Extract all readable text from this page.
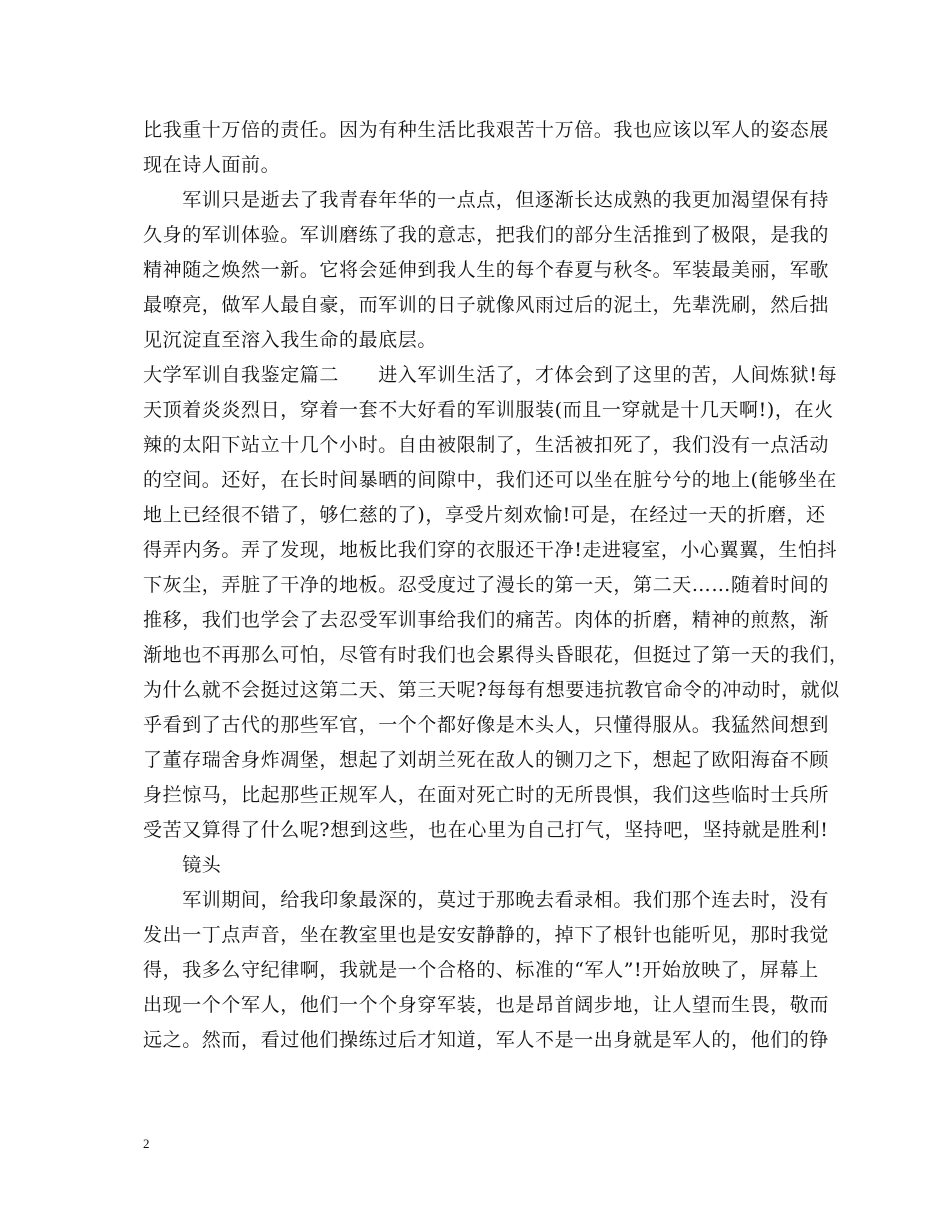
比我重十万倍的责任。因为有种生活比我艰苦十万倍。我也应该以军人的姿态展
现在诗人面前。
　　军训只是逝去了我青春年华的一点点，但逐渐长达成熟的我更加渴望保有持
久身的军训体验。军训磨练了我的意志，把我们的部分生活推到了极限，是我的
精神随之焕然一新。它将会延伸到我人生的每个春夏与秋冬。军装最美丽，军歌
最嘹亮，做军人最自豪，而军训的日子就像风雨过后的泥土，先辈洗刷，然后拙
见沉淀直至溶入我生命的最底层。
大学军训自我鉴定篇二　　进入军训生活了，才体会到了这里的苦，人间炼狱!每
天顶着炎炎烈日，穿着一套不大好看的军训服装(而且一穿就是十几天啊!)，在火
辣的太阳下站立十几个小时。自由被限制了，生活被扣死了，我们没有一点活动
的空间。还好，在长时间暴晒的间隙中，我们还可以坐在脏兮兮的地上(能够坐在
地上已经很不错了，够仁慈的了)，享受片刻欢愉!可是，在经过一天的折磨，还
得弄内务。弄了发现，地板比我们穿的衣服还干净!走进寝室，小心翼翼，生怕抖
下灰尘，弄脏了干净的地板。忍受度过了漫长的第一天，第二天……随着时间的
推移，我们也学会了去忍受军训事给我们的痛苦。肉体的折磨，精神的煎熬，渐
渐地也不再那么可怕，尽管有时我们也会累得头昏眼花，但挺过了第一天的我们，
为什么就不会挺过这第二天、第三天呢?每每有想要违抗教官命令的冲动时，就似
乎看到了古代的那些军官，一个个都好像是木头人，只懂得服从。我猛然间想到
了董存瑞舍身炸凋堡，想起了刘胡兰死在敌人的铡刀之下，想起了欧阳海奋不顾
身拦惊马，比起那些正规军人，在面对死亡时的无所畏惧，我们这些临时士兵所
受苦又算得了什么呢?想到这些，也在心里为自己打气，坚持吧，坚持就是胜利!
　　镜头
　　军训期间，给我印象最深的，莫过于那晚去看录相。我们那个连去时，没有
发出一丁点声音，坐在教室里也是安安静静的，掉下了根针也能听见，那时我觉
得，我多么守纪律啊，我就是一个合格的、标准的“军人”!开始放映了，屏幕上
出现一个个军人，他们一个个身穿军装，也是昂首阔步地，让人望而生畏，敬而
远之。然而，看过他们操练过后才知道，军人不是一出身就是军人的，他们的铮
2
